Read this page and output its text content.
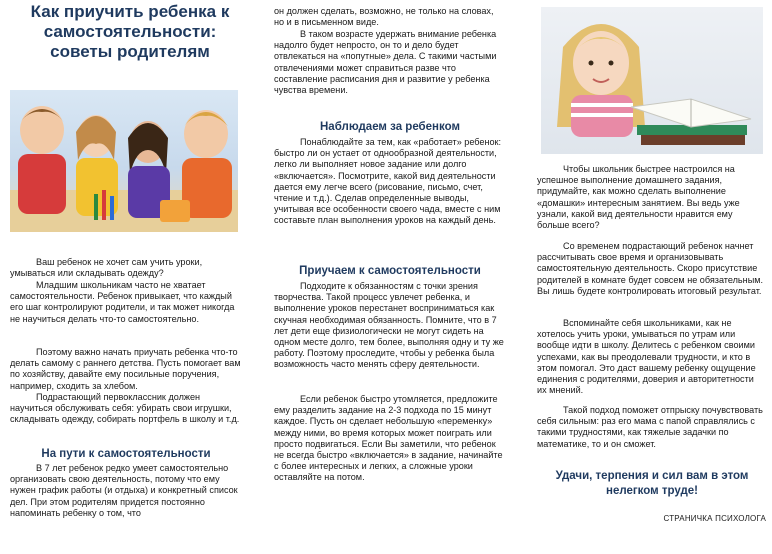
Как приучить ребенка к самостоятельности: советы родителям

Ваш ребенок не хочет сам учить уроки, умываться или складывать одежду?

Младшим школьникам часто не хватает самостоятельности. Ребенок привыкает, что каждый его шаг контролируют родители, и так может никогда не научиться делать что-то самостоятельно.

Поэтому важно начать приучать ребенка что-то делать самому с раннего детства. Пусть помогает вам по хозяйству, давайте ему посильные поручения, например, сходить за хлебом.

Подрастающий первоклассник должен научиться обслуживать себя: убирать свои игрушки, складывать одежду, собирать портфель в школу и т.д.

На пути к самостоятельности

В 7 лет ребенок редко умеет самостоятельно организовать свою деятельность, потому что ему нужен график работы (и отдыха) и конкретный список дел. При этом родителям придется постоянно напоминать ребенку о том, что

он должен сделать, возможно, не только на словах, но и в письменном виде.

В таком возрасте удержать внимание ребенка надолго будет непросто, он то и дело будет отвлекаться на «попутные» дела. С такими частыми отвлечениями может справиться разве что составление расписания дня и развитие у ребенка чувства времени.

Наблюдаем за ребенком

Понаблюдайте за тем, как «работает» ребенок: быстро ли он устает от однообразной деятельности, легко ли выполняет новое задание или долго «включается». Посмотрите, какой вид деятельности дается ему легче всего (рисование, письмо, счет, чтение и т.д.). Сделав определенные выводы, учитывая все особенности своего чада, вместе с ним составьте план выполнения уроков на каждый день.

Приучаем к самостоятельности

Подходите к обязанностям с точки зрения творчества. Такой процесс увлечет ребенка, и выполнение уроков перестанет восприниматься как скучная необходимая обязанность. Помните, что в 7 лет дети еще физиологически не могут сидеть на одном месте долго, тем более, выполняя одну и ту же работу. Поэтому проследите, чтобы у ребенка была возможность часто менять сферу деятельности.

Если ребенок быстро утомляется, предложите ему разделить задание на 2-3 подхода по 15 минут каждое. Пусть он сделает небольшую «переменку» между ними, во время которых может поиграть или просто подвигаться. Если Вы заметили, что ребенок не всегда быстро «включается» в задание, начинайте с более интересных и легких, а сложные уроки оставляйте на потом.

Чтобы школьник быстрее настроился на успешное выполнение домашнего задания, придумайте, как можно сделать выполнение «домашки» интересным занятием. Вы ведь уже узнали, какой вид деятельности нравится ему больше всего?

Со временем подрастающий ребенок начнет рассчитывать свое время и организовывать самостоятельную деятельность. Скоро присутствие родителей в комнате будет совсем не обязательным. Вы лишь будете контролировать итоговый результат.

Вспоминайте себя школьниками, как не хотелось учить уроки, умываться по утрам или вообще идти в школу. Делитесь с ребенком своими успехами, как вы преодолевали трудности, и кто в этом помогал. Это даст вашему ребенку ощущение единения с родителями, доверия и авторитетности их мнений.

Такой подход поможет отпрыску почувствовать себя сильным: раз его мама с папой справлялись с такими трудностями, как тяжелые задачки по математике, то и он сможет.

Удачи, терпения и сил вам в этом нелегком труде!

СТРАНИЧКА ПСИХОЛОГА
